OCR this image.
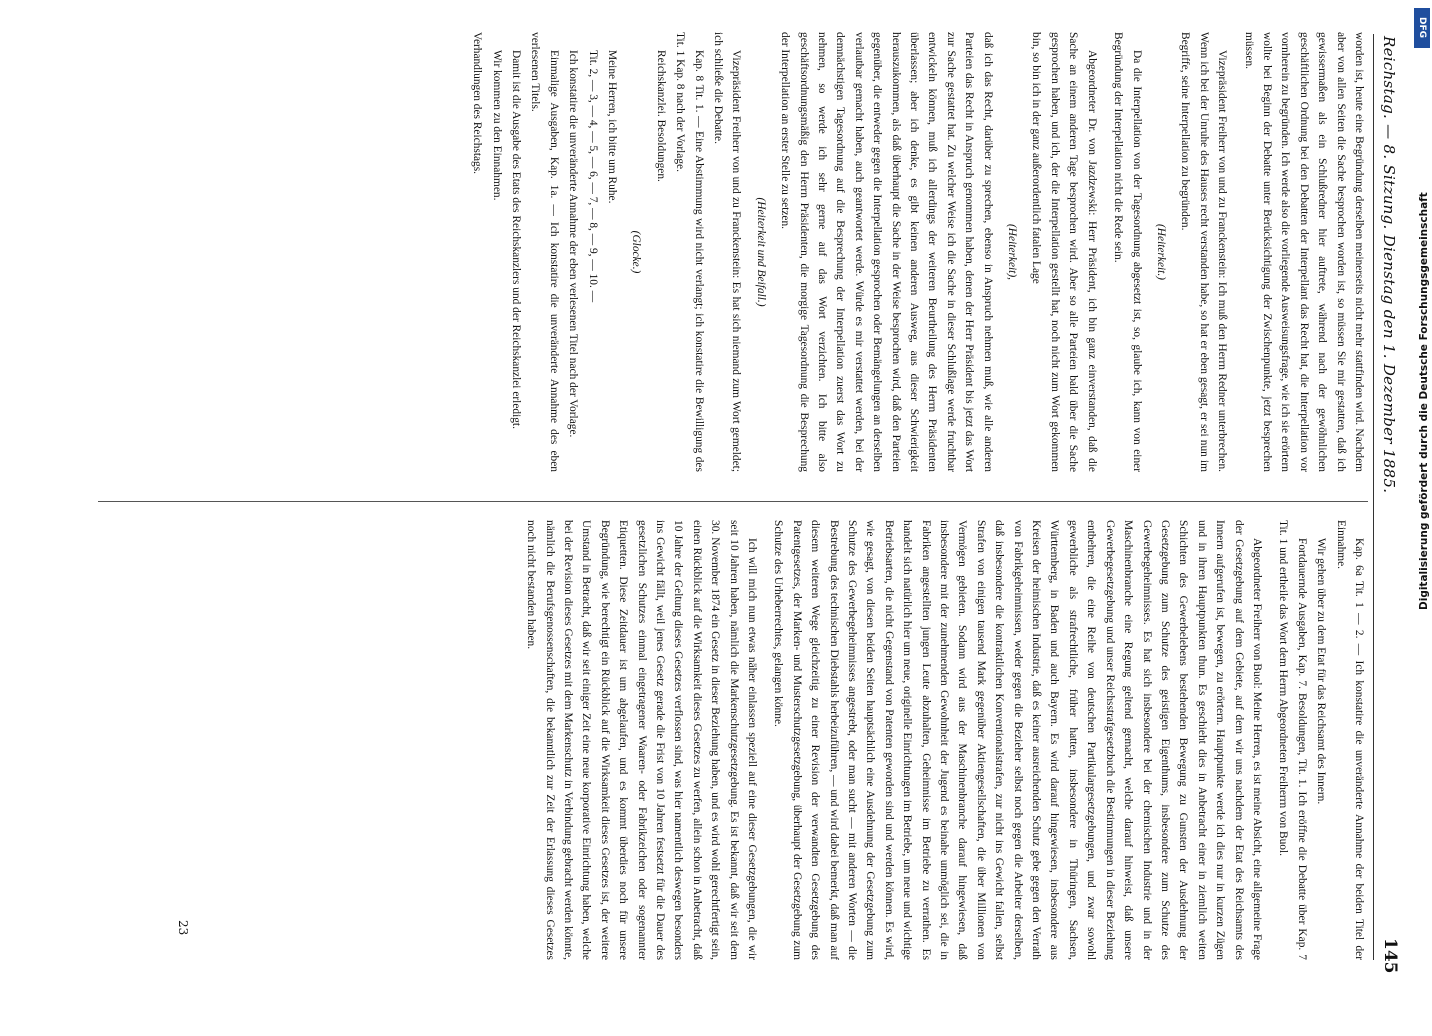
Reichstag. — 8. Sitzung. Dienstag den 1. Dezember 1885.
145

worden ist, heute eine Begründung derselben meinerseits nicht mehr stattfinden wird. Nachdem aber von allen Seiten die Sache besprochen worden ist, so müssen Sie mir gestatten, daß ich gewissermaßen als ein Schlußredner hier auftrete, während nach der gewöhnlichen geschäftlichen Ordnung bei den Debatten der Interpellant das Recht hat, die Interpellation vor vornherein zu begründen. Ich werde also die vorliegende Ausweisungsfrage, wie ich sie erörtern wollte bei Beginn der Debatte unter Berücksichtigung der Zwischenpunkte, jetzt besprechen müssen.

Vizepräsident Freiherr von und zu Franckenstein: Ich muß den Herrn Redner unterbrechen. Wenn ich bei der Unruhe des Hauses recht verstanden habe, so hat er eben gesagt, er sei nun im Begriffe, seine Interpellation zu begründen.

(Heiterkeit.)

Da die Interpellation von der Tagesordnung abgesetzt ist, so, glaube ich, kann von einer Begründung der Interpellation nicht die Rede sein.

Abgeordneter Dr. von Jazdzewski: Herr Präsident, ich bin ganz einverstanden, daß die Sache an einem anderen Tage besprochen wird. Aber so alle Parteien bald über die Sache gesprochen haben, und ich, der die Interpellation gestellt hat, noch nicht zum Wort gekommen bin, so bin ich in der ganz außerordentlich fatalen Lage

(Heiterkeit),

daß ich das Recht, darüber zu sprechen, ebenso in Anspruch nehmen muß, wie alle anderen Parteien das Recht in Anspruch genommen haben, denen der Herr Präsident bis jetzt das Wort zur Sache gestattet hat. Zu welcher Weise ich die Sache in dieser Schlußlage werde fruchtbar entwickeln können, muß ich allerdings der weiteren Beurtheilung des Herrn Präsidenten überlassen; aber ich denke, es gibt keinen anderen Ausweg, aus dieser Schwierigkeit herauszukommen, als daß überhaupt die Sache in der Weise besprochen wird, daß den Parteien gegenüber, die entweder gegen die Interpellation gesprochen oder Bemängelungen an derselben verlautbar gemacht haben, auch geantwortet werde. Würde es mir verstattet werden, bei der demnächstigen Tagesordnung auf die Besprechung der Interpellation zuerst das Wort zu nehmen, so werde ich sehr gerne auf das Wort verzichten. Ich bitte also geschäftsordnungsmäßig den Herrn Präsidenten, die morgige Tagesordnung die Besprechung der Interpellation an erster Stelle zu setzen.

(Heiterkeit und Beifall.)

Vizepräsident Freiherr von und zu Franckenstein: Es hat sich niemand zum Wort gemeldet; ich schließe die Debatte.

Kap. 8 Tit. 1. — Eine Abstimmung wird nicht verlangt; ich konstatire die Bewilligung des Tit. 1 Kap. 8 nach der Vorlage.

Reichskanzlei. Besoldungen.

(Glocke.)

Meine Herren, ich bitte um Ruhe.

Tit. 2, — 3, — 4, — 5, — 6, — 7, — 8, — 9, — 10. —

Ich konstatire die unveränderte Annahme der eben verlesenen Titel nach der Vorlage.

Einmalige Ausgaben, Kap. 1a. — Ich konstatire die unveränderte Annahme des eben verlesenen Titels.

Damit ist die Ausgabe des Etats des Reichskanzlers und der Reichskanzlei erledigt.

Wir kommen zu den Einnahmen.

Verhandlungen des Reichstags.

Kap. 6a Tit. 1 — 2. — Ich konstatire die unveränderte Annahme der beiden Titel der Einnahme.

Wir gehen über zu dem Etat für das Reichsamt des Innern.

Fortdauernde Ausgaben, Kap. 7. Besoldungen, Tit. 1. Ich eröffne die Debatte über Kap. 7 Tit. 1 und ertheile das Wort dem Herrn Abgeordneten Freiherrn von Buol.

Abgeordneter Freiherr von Buol: Meine Herren, es ist meine Absicht, eine allgemeine Frage der Gesetzgebung auf dem Gebiete, auf dem wir uns nachdem der Etat des Reichsamts des Innern aufgerufen ist, bewegen, zu erörtern. Hauptpunkte werde ich dies nur in kurzen Zügen und in ihren Hauptpunkten thun. Es geschieht dies in Anbetracht einer in ziemlich weiten Schichten des Gewerbelebens bestehenden Bewegung zu Gunsten der Ausdehnung der Gesetzgebung zum Schutze des geistigen Eigenthums, insbesondere zum Schutze des Gewerbegeheimnisses. Es hat sich insbesondere bei der chemischen Industrie und in der Maschinenbranche eine Regung geltend gemacht, welche darauf hinweist, daß unsere Gewerbegesetzgebung und unser Reichsstrafgesetzbuch die Bestimmungen in dieser Beziehung entbehren, die eine Reihe von deutschen Partikulargesetzgebungen, und zwar sowohl gewerbliche als strafrechtliche, früher hatten, insbesondere in Thüringen, Sachsen, Württemberg, in Baden und auch Bayern. Es wird darauf hingewiesen, insbesondere aus Kreisen der heimischen Industrie, daß es keiner ausreichenden Schutz gebe gegen den Verrath von Fabrikgeheimnissen, weder gegen die Bezieher selbst noch gegen die Arbeiter derselben, daß insbesondere die kontraktlichen Konventionalstrafen, zur nicht ins Gewicht fallen, selbst Strafen von einigen tausend Mark gegenüber Aktiengesellschaften, die über Millionen von Vermögen gebieten. Sodann wird aus der Maschinenbranche darauf hingewiesen, daß insbesondere mit der zunehmenden Gewohnheit der Jugend es beinahe unmöglich sei, die in Fabriken angestellten jungen Leute abzuhalten, Geheimnisse im Betriebe zu verrathen. Es handelt sich natürlich hier um neue, originelle Einrichtungen im Betriebe, um neue und wichtige Betriebsarten, die nicht Gegenstand von Patenten geworden sind und werden können. Es wird, wie gesagt, von diesen beiden Seiten hauptsächlich eine Ausdehnung der Gesetzgebung zum Schutze des Gewerbegeheimnisses angestrebt, oder man sucht — mit anderen Worten — die Bestrebung des technischen Diebstahls herbeizuführen, — und wird dabei bemerkt, daß man auf diesem weiteren Wege gleichzeitig zu einer Revision der verwandten Gesetzgebung des Patentgesetzes, der Marken- und Musterschutzgesetzgebung, überhaupt der Gesetzgebung zum Schutze des Urheberrechtes, gelangen könne.

Ich will mich nun etwas näher einlassen speziell auf eine dieser Gesetzgebungen, die wir seit 10 Jahren haben, nämlich die Markenschutzgesetzgebung. Es ist bekannt, daß wir seit dem 30. November 1874 ein Gesetz in dieser Beziehung haben, und es wird wohl gerechtfertigt sein, einen Rückblick auf die Wirksamkeit dieses Gesetzes zu werfen, allein schon in Anbetracht, daß 10 Jahre der Geltung dieses Gesetzes verflossen sind, was hier namentlich deswegen besonders ins Gewicht fällt, weil jenes Gesetz gerade die Frist von 10 Jahren festsetzt für die Dauer des gesetzlichen Schutzes einmal eingetragener Waaren- oder Fabrikzeichen oder sogenannter Etiquetten. Diese Zeitdauer ist um abgelaufen, und es kommt überdies noch für unsere Begründung, wie berechtigt ein Rückblick auf die Wirksamkeit dieses Gesetzes ist, der weitere Umstand in Betracht, daß wir seit einiger Zeit eine neue korporative Einrichtung haben, welche bei der Revision dieses Gesetzes mit dem Markenschutz in Verbindung gebracht werden könnte, nämlich die Berufsgenossenschaften, die bekanntlich zur Zeit der Erlassung dieses Gesetzes noch nicht bestanden haben.

23
Digitalisierung gefördert durch die Deutsche Forschungsgemeinschaft
DFG
